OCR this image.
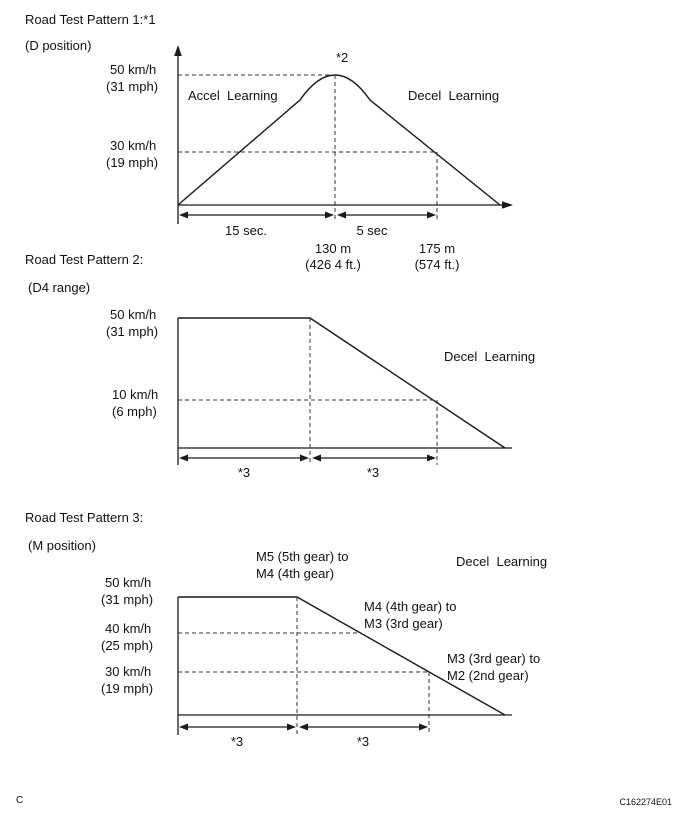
Road Test Pattern 1:*1
(D position)
50 km/h
(31 mph)
30 km/h
(19 mph)
Accel  Learning
*2
Decel  Learning
15 sec.	5 sec
130 m
(426 4 ft.)
175 m
(574 ft.)
Road Test Pattern 2:
(D4 range)
50 km/h
(31 mph)
10 km/h
(6 mph)
Decel  Learning
*3	*3
Road Test Pattern 3:
(M position)
M5 (5th gear) to
M4 (4th gear)
Decel  Learning
50 km/h
(31 mph)
40 km/h
(25 mph)
30 km/h
(19 mph)
M4 (4th gear) to
M3 (3rd gear)
M3 (3rd gear) to
M2 (2nd gear)
*3	*3
C	C162274E01
